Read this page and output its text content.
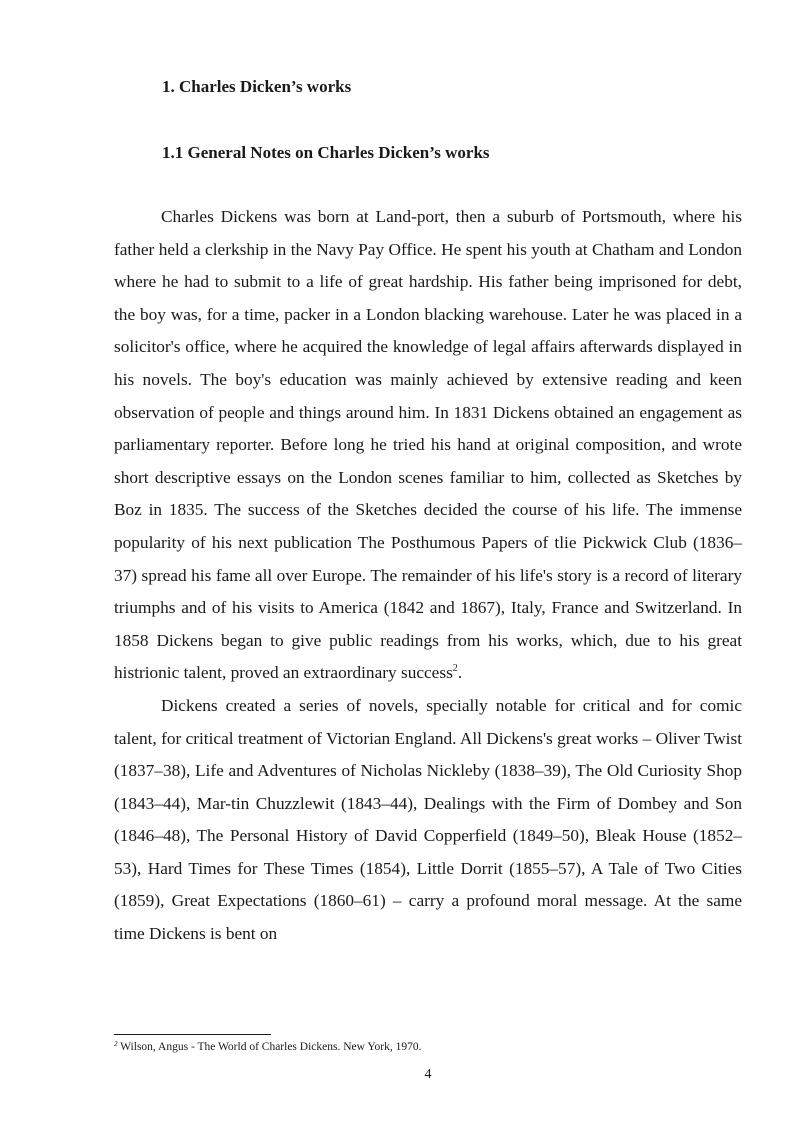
1. Charles Dicken’s works

1.1 General Notes on Charles Dicken’s works

Charles Dickens was born at Land-port, then a suburb of Portsmouth, where his father held a clerkship in the Navy Pay Office. He spent his youth at Chatham and London where he had to submit to a life of great hardship. His father being imprisoned for debt, the boy was, for a time, packer in a London blacking warehouse. Later he was placed in a solicitor's office, where he acquired the knowledge of legal affairs afterwards displayed in his novels. The boy's education was mainly achieved by extensive reading and keen observation of people and things around him. In 1831 Dickens obtained an engagement as parliamentary reporter. Before long he tried his hand at original composition, and wrote short descriptive essays on the London scenes familiar to him, collected as Sketches by Boz in 1835. The success of the Sketches decided the course of his life. The immense popularity of his next publication The Posthumous Papers of tlie Pickwick Club (1836–37) spread his fame all over Europe. The remainder of his life's story is a record of literary triumphs and of his visits to America (1842 and 1867), Italy, France and Switzerland. In 1858 Dickens began to give public readings from his works, which, due to his great histrionic talent, proved an extraordinary success$^2$.

Dickens created a series of novels, specially notable for critical and for comic talent, for critical treatment of Victorian England. All Dickens's great works – Oliver Twist (1837–38), Life and Adventures of Nicholas Nickleby (1838–39), The Old Curiosity Shop (1843–44), Mar-tin Chuzzlewit (1843–44), Dealings with the Firm of Dombey and Son (1846–48), The Personal History of David Copperfield (1849–50), Bleak House (1852–53), Hard Times for These Times (1854), Little Dorrit (1855–57), A Tale of Two Cities (1859), Great Expectations (1860–61) – carry a profound moral message. At the same time Dickens is bent on

$^2$ Wilson, Angus - The World of Charles Dickens. New York, 1970.

4
